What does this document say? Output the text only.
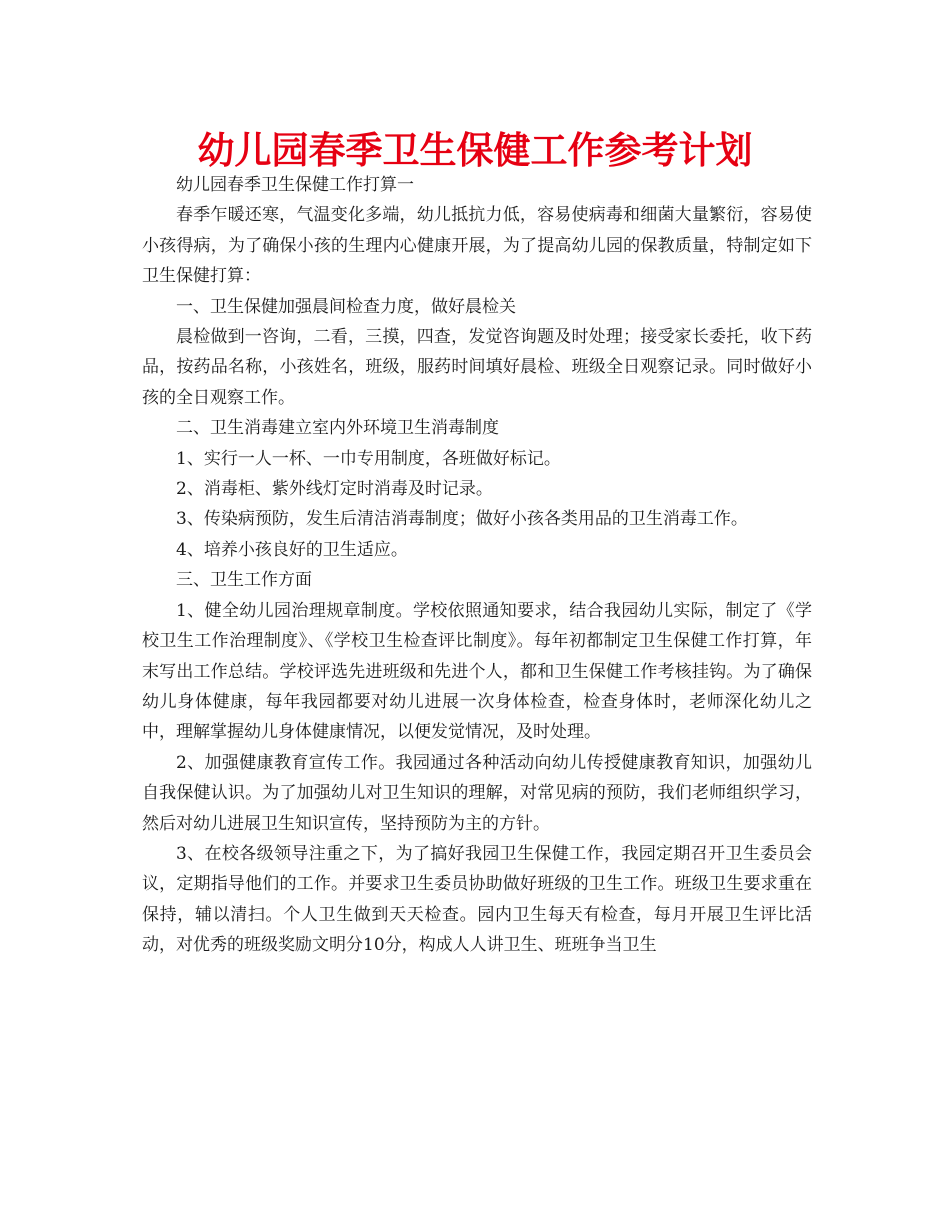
幼儿园春季卫生保健工作参考计划

幼儿园春季卫生保健工作打算一

春季乍暖还寒，气温变化多端，幼儿抵抗力低，容易使病毒和细菌大量繁衍，容易使小孩得病，为了确保小孩的生理内心健康开展，为了提高幼儿园的保教质量，特制定如下卫生保健打算：

一、卫生保健加强晨间检查力度，做好晨检关

晨检做到一咨询，二看，三摸，四查，发觉咨询题及时处理；接受家长委托，收下药品，按药品名称，小孩姓名，班级，服药时间填好晨检、班级全日观察记录。同时做好小孩的全日观察工作。

二、卫生消毒建立室内外环境卫生消毒制度

1、实行一人一杯、一巾专用制度，各班做好标记。

2、消毒柜、紫外线灯定时消毒及时记录。

3、传染病预防，发生后清洁消毒制度；做好小孩各类用品的卫生消毒工作。

4、培养小孩良好的卫生适应。

三、卫生工作方面

1、健全幼儿园治理规章制度。学校依照通知要求，结合我园幼儿实际，制定了《学校卫生工作治理制度》、《学校卫生检查评比制度》。每年初都制定卫生保健工作打算，年末写出工作总结。学校评选先进班级和先进个人，都和卫生保健工作考核挂钩。为了确保幼儿身体健康，每年我园都要对幼儿进展一次身体检查，检查身体时，老师深化幼儿之中，理解掌握幼儿身体健康情况，以便发觉情况，及时处理。

2、加强健康教育宣传工作。我园通过各种活动向幼儿传授健康教育知识，加强幼儿自我保健认识。为了加强幼儿对卫生知识的理解，对常见病的预防，我们老师组织学习，然后对幼儿进展卫生知识宣传，坚持预防为主的方针。

3、在校各级领导注重之下，为了搞好我园卫生保健工作，我园定期召开卫生委员会议，定期指导他们的工作。并要求卫生委员协助做好班级的卫生工作。班级卫生要求重在保持，辅以清扫。个人卫生做到天天检查。园内卫生每天有检查，每月开展卫生评比活动，对优秀的班级奖励文明分10分，构成人人讲卫生、班班争当卫生
